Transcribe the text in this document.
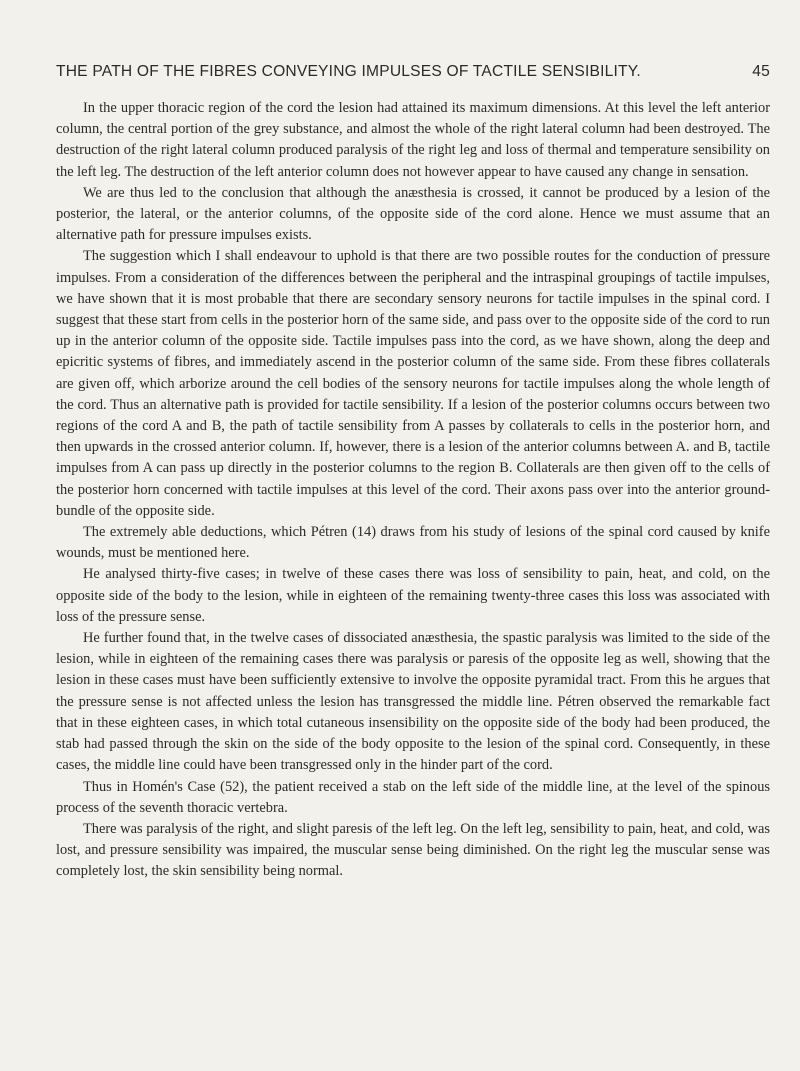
THE PATH OF THE FIBRES CONVEYING IMPULSES OF TACTILE SENSIBILITY.	45

In the upper thoracic region of the cord the lesion had attained its maximum dimensions. At this level the left anterior column, the central portion of the grey substance, and almost the whole of the right lateral column had been destroyed. The destruction of the right lateral column produced paralysis of the right leg and loss of thermal and temperature sensibility on the left leg. The destruction of the left anterior column does not however appear to have caused any change in sensation.

We are thus led to the conclusion that although the anæsthesia is crossed, it cannot be produced by a lesion of the posterior, the lateral, or the anterior columns, of the opposite side of the cord alone. Hence we must assume that an alternative path for pressure impulses exists.

The suggestion which I shall endeavour to uphold is that there are two possible routes for the conduction of pressure impulses. From a consideration of the differences between the peripheral and the intraspinal groupings of tactile impulses, we have shown that it is most probable that there are secondary sensory neurons for tactile impulses in the spinal cord. I suggest that these start from cells in the posterior horn of the same side, and pass over to the opposite side of the cord to run up in the anterior column of the opposite side. Tactile impulses pass into the cord, as we have shown, along the deep and epicritic systems of fibres, and immediately ascend in the posterior column of the same side. From these fibres collaterals are given off, which arborize around the cell bodies of the sensory neurons for tactile impulses along the whole length of the cord. Thus an alternative path is provided for tactile sensibility. If a lesion of the posterior columns occurs between two regions of the cord A and B, the path of tactile sensibility from A passes by collaterals to cells in the posterior horn, and then upwards in the crossed anterior column. If, however, there is a lesion of the anterior columns between A. and B, tactile impulses from A can pass up directly in the posterior columns to the region B. Collaterals are then given off to the cells of the posterior horn concerned with tactile impulses at this level of the cord. Their axons pass over into the anterior ground-bundle of the opposite side.

The extremely able deductions, which Pétren (14) draws from his study of lesions of the spinal cord caused by knife wounds, must be mentioned here.

He analysed thirty-five cases; in twelve of these cases there was loss of sensibility to pain, heat, and cold, on the opposite side of the body to the lesion, while in eighteen of the remaining twenty-three cases this loss was associated with loss of the pressure sense.

He further found that, in the twelve cases of dissociated anæsthesia, the spastic paralysis was limited to the side of the lesion, while in eighteen of the remaining cases there was paralysis or paresis of the opposite leg as well, showing that the lesion in these cases must have been sufficiently extensive to involve the opposite pyramidal tract. From this he argues that the pressure sense is not affected unless the lesion has transgressed the middle line. Pétren observed the remarkable fact that in these eighteen cases, in which total cutaneous insensibility on the opposite side of the body had been produced, the stab had passed through the skin on the side of the body opposite to the lesion of the spinal cord. Consequently, in these cases, the middle line could have been transgressed only in the hinder part of the cord.

Thus in Homén's Case (52), the patient received a stab on the left side of the middle line, at the level of the spinous process of the seventh thoracic vertebra.

There was paralysis of the right, and slight paresis of the left leg. On the left leg, sensibility to pain, heat, and cold, was lost, and pressure sensibility was impaired, the muscular sense being diminished. On the right leg the muscular sense was completely lost, the skin sensibility being normal.
